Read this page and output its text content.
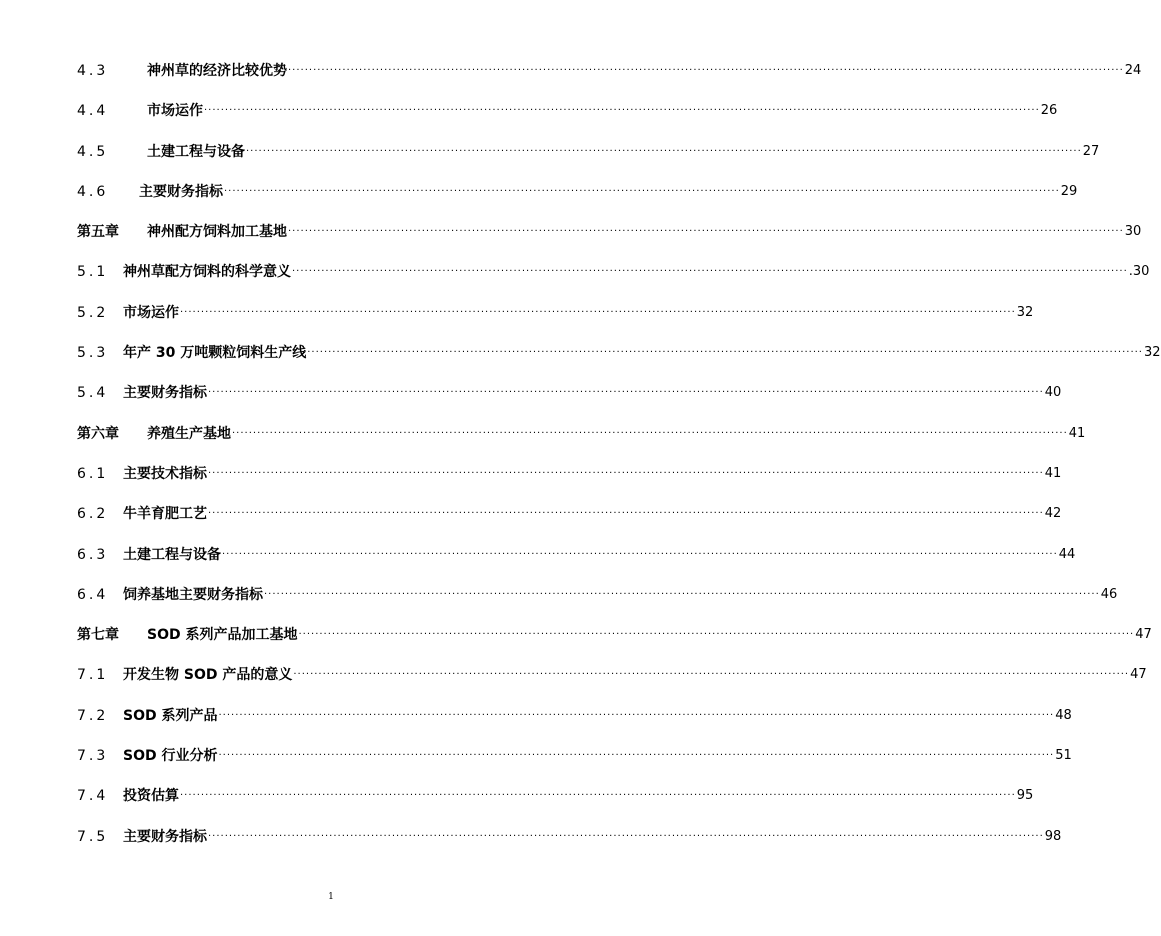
4.3	神州草的经济比较优势 ········································································································································································································ 24
4.4	市场运作 ········································································································································································································ 26
4.5	土建工程与设备 ········································································································································································································ 27
4.6	主要财务指标 ········································································································································································································ 29
第五章	神州配方饲料加工基地 ········································································································································································································ 30
5.1	神州草配方饲料的科学意义 ········································································································································································································ .30
5.2	市场运作 ········································································································································································································ 32
5.3	年产 30 万吨颗粒饲料生产线 ········································································································································································································ 32
5.4	主要财务指标 ········································································································································································································ 40
第六章	养殖生产基地 ········································································································································································································ 41
6.1	主要技术指标 ········································································································································································································ 41
6.2	牛羊育肥工艺 ········································································································································································································ 42
6.3	土建工程与设备 ········································································································································································································ 44
6.4	饲养基地主要财务指标 ········································································································································································································ 46
第七章	SOD 系列产品加工基地 ········································································································································································································ 47
7.1	开发生物 SOD 产品的意义 ········································································································································································································ 47
7.2	SOD 系列产品 ········································································································································································································ 48
7.3	SOD 行业分析 ········································································································································································································ 51
7.4	投资估算 ········································································································································································································ 95
7.5	主要财务指标 ········································································································································································································ 98
1
